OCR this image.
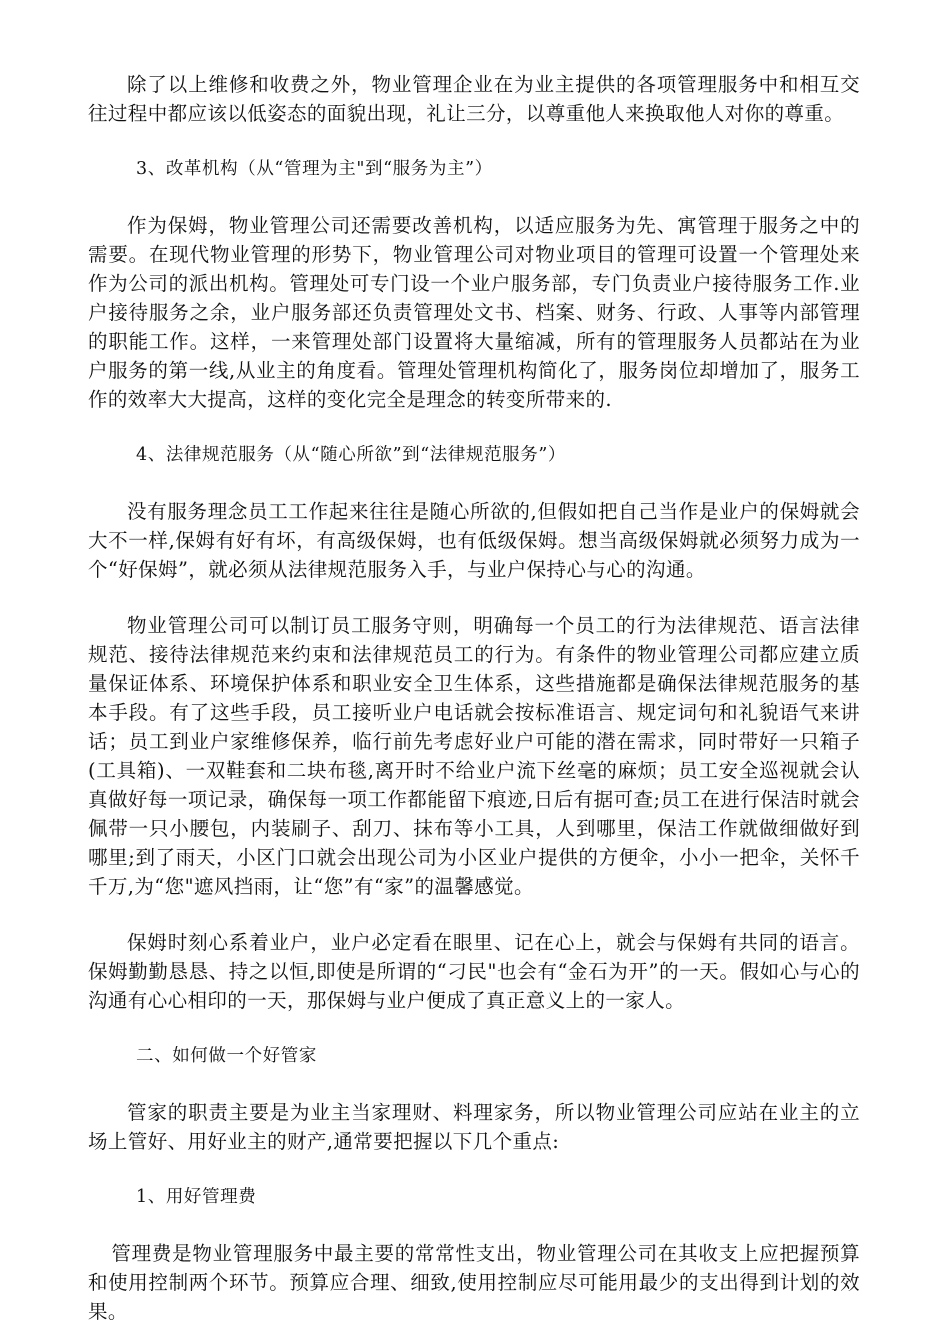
除了以上维修和收费之外，物业管理企业在为业主提供的各项管理服务中和相互交往过程中都应该以低姿态的面貌出现，礼让三分，以尊重他人来换取他人对你的尊重。

3、改革机构（从“管理为主"到“服务为主”）

作为保姆，物业管理公司还需要改善机构，以适应服务为先、寓管理于服务之中的需要。在现代物业管理的形势下，物业管理公司对物业项目的管理可设置一个管理处来作为公司的派出机构。管理处可专门设一个业户服务部，专门负责业户接待服务工作.业户接待服务之余，业户服务部还负责管理处文书、档案、财务、行政、人事等内部管理的职能工作。这样，一来管理处部门设置将大量缩减，所有的管理服务人员都站在为业户服务的第一线,从业主的角度看。管理处管理机构简化了，服务岗位却增加了，服务工作的效率大大提高，这样的变化完全是理念的转变所带来的.

4、法律规范服务（从“随心所欲”到“法律规范服务”）

没有服务理念员工工作起来往往是随心所欲的,但假如把自己当作是业户的保姆就会大不一样,保姆有好有坏，有高级保姆，也有低级保姆。想当高级保姆就必须努力成为一个“好保姆”，就必须从法律规范服务入手，与业户保持心与心的沟通。

物业管理公司可以制订员工服务守则，明确每一个员工的行为法律规范、语言法律规范、接待法律规范来约束和法律规范员工的行为。有条件的物业管理公司都应建立质量保证体系、环境保护体系和职业安全卫生体系，这些措施都是确保法律规范服务的基本手段。有了这些手段，员工接听业户电话就会按标准语言、规定词句和礼貌语气来讲话；员工到业户家维修保养，临行前先考虑好业户可能的潜在需求，同时带好一只箱子(工具箱)、一双鞋套和二块布毯,离开时不给业户流下丝毫的麻烦；员工安全巡视就会认真做好每一项记录，确保每一项工作都能留下痕迹,日后有据可查;员工在进行保洁时就会佩带一只小腰包，内装刷子、刮刀、抹布等小工具，人到哪里，保洁工作就做细做好到哪里;到了雨天，小区门口就会出现公司为小区业户提供的方便伞，小小一把伞，关怀千千万,为“您"遮风挡雨，让“您”有“家”的温馨感觉。

保姆时刻心系着业户，业户必定看在眼里、记在心上，就会与保姆有共同的语言。保姆勤勤恳恳、持之以恒,即使是所谓的“刁民"也会有“金石为开”的一天。假如心与心的沟通有心心相印的一天，那保姆与业户便成了真正意义上的一家人。

二、如何做一个好管家

管家的职责主要是为业主当家理财、料理家务，所以物业管理公司应站在业主的立场上管好、用好业主的财产,通常要把握以下几个重点:

1、用好管理费

管理费是物业管理服务中最主要的常常性支出，物业管理公司在其收支上应把握预算和使用控制两个环节。预算应合理、细致,使用控制应尽可能用最少的支出得到计划的效果。
